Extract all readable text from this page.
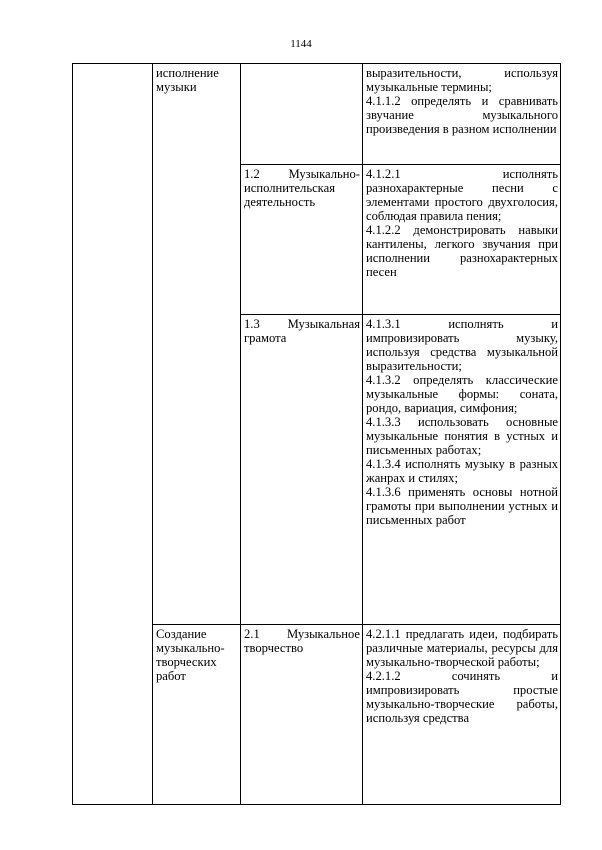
1144

	исполнение музыки		выразительности, используя музыкальные термины;

4.1.1.2 определять и сравнивать звучание музыкального произведения в разном исполнении

		1.2 Музыкально-исполнительская деятельность	4.1.2.1 исполнять разнохарактерные песни с элементами простого двухголосия, соблюдая правила пения;

4.1.2.2 демонстрировать навыки кантилены, легкого звучания при исполнении разнохарактерных песен

		1.3 Музыкальная грамота	4.1.3.1 исполнять и импровизировать музыку, используя средства музыкальной выразительности;

4.1.3.2 определять классические музыкальные формы: соната, рондо, вариация, симфония;

4.1.3.3 использовать основные музыкальные понятия в устных и письменных работах;

4.1.3.4 исполнять музыку в разных жанрах и стилях;

4.1.3.6 применять основы нотной грамоты при выполнении устных и письменных работ

	Создание музыкально-творческих работ	2.1 Музыкальное творчество	4.2.1.1 предлагать идеи, подбирать различные материалы, ресурсы для музыкально-творческой работы;

4.2.1.2 сочинять и импровизировать простые музыкально-творческие работы, используя средства
